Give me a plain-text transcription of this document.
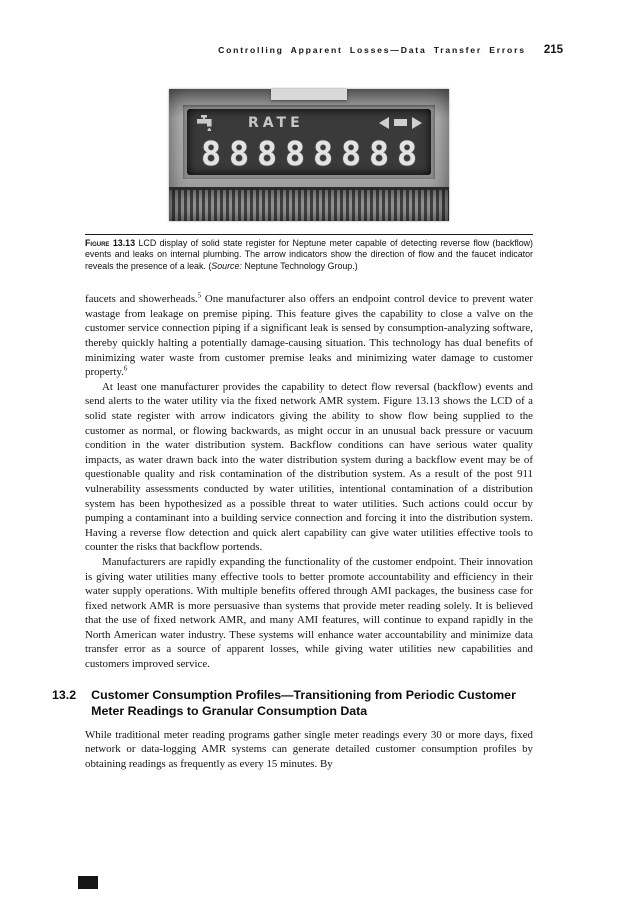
Controlling Apparent Losses—Data Transfer Errors 215
RATE
8 8 8 8 8 8 8 8
Figure 13.13 LCD display of solid state register for Neptune meter capable of detecting reverse flow (backflow) events and leaks on internal plumbing. The arrow indicators show the direction of flow and the faucet indicator reveals the presence of a leak. (Source: Neptune Technology Group.)

faucets and showerheads.$^5$ One manufacturer also offers an endpoint control device to prevent water wastage from leakage on premise piping. This feature gives the capability to close a valve on the customer service connection piping if a significant leak is sensed by consumption-analyzing software, thereby quickly halting a potentially damage-causing situation. This technology has dual benefits of minimizing water waste from customer premise leaks and minimizing water damage to customer property.$^6$

At least one manufacturer provides the capability to detect flow reversal (backflow) events and send alerts to the water utility via the fixed network AMR system. Figure 13.13 shows the LCD of a solid state register with arrow indicators giving the ability to show flow being supplied to the customer as normal, or flowing backwards, as might occur in an unusual back pressure or vacuum condition in the water distribution system. Backflow conditions can have serious water quality impacts, as water drawn back into the water distribution system during a backflow event may be of questionable quality and risk contamination of the distribution system. As a result of the post 911 vulnerability assessments conducted by water utilities, intentional contamination of a distribution system has been hypothesized as a possible threat to water utilities. Such actions could occur by pumping a contaminant into a building service connection and forcing it into the distribution system. Having a reverse flow detection and quick alert capability can give water utilities effective tools to counter the risks that backflow portends.

Manufacturers are rapidly expanding the functionality of the customer endpoint. Their innovation is giving water utilities many effective tools to better promote accountability and efficiency in their water supply operations. With multiple benefits offered through AMI packages, the business case for fixed network AMR is more persuasive than systems that provide meter reading solely. It is believed that the use of fixed network AMR, and many AMI features, will continue to expand rapidly in the North American water industry. These systems will enhance water accountability and minimize data transfer error as a source of apparent losses, while giving water utilities new capabilities and customers improved service.

13.2 Customer Consumption Profiles—Transitioning from Periodic Customer Meter Readings to Granular Consumption Data

While traditional meter reading programs gather single meter readings every 30 or more days, fixed network or data-logging AMR systems can generate detailed customer consumption profiles by obtaining readings as frequently as every 15 minutes. By
